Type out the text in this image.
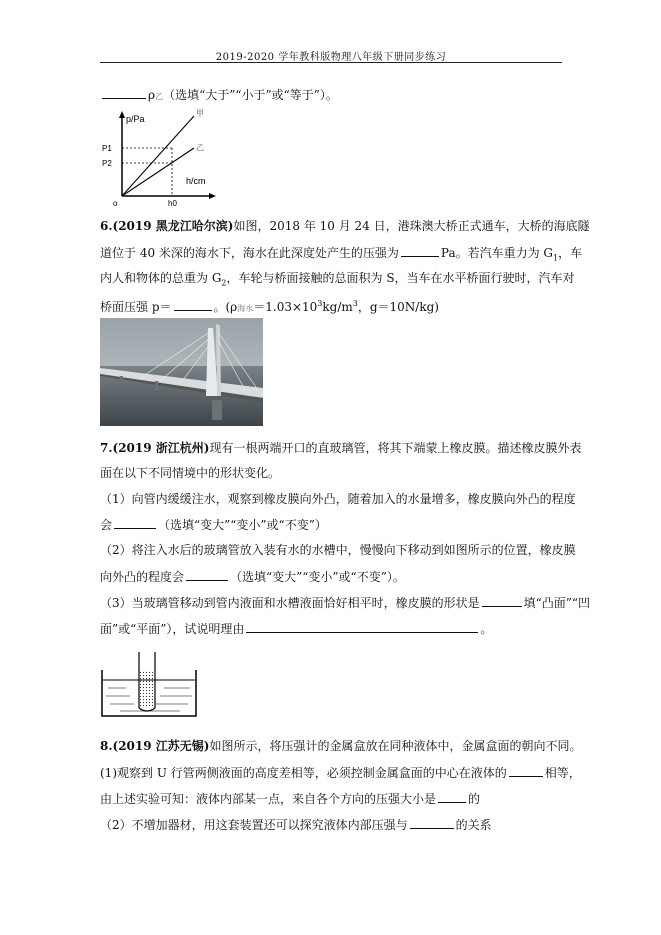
2019-2020 学年教科版物理八年级下册同步练习
ρ乙（选填“大于”“小于”或“等于”）。
p/Pa
h/cm
o
P1
P2
h0
甲
乙
6.(2019 黑龙江哈尔滨)如图，2018 年 10 月 24 日，港珠澳大桥正式通车，大桥的海底隧
道位于 40 米深的海水下，海水在此深度处产生的压强为	Pa。若汽车重力为 $G_1$，车
内人和物体的总重为 $G_2$，车轮与桥面接触的总面积为 S，当车在水平桥面行驶时，汽车对
桥面压强 p＝	。(ρ海水$=1.03\times 10^3kg/m^3$，g＝10N/kg)
7.(2019 浙江杭州)现有一根两端开口的直玻璃管，将其下端蒙上橡皮膜。描述橡皮膜外表
面在以下不同情境中的形状变化。
（1）向管内缓缓注水，观察到橡皮膜向外凸，随着加入的水量增多，橡皮膜向外凸的程度
会	（选填“变大”“变小”或“不变”）
（2）将注入水后的玻璃管放入装有水的水槽中，慢慢向下移动到如图所示的位置，橡皮膜
向外凸的程度会	（选填“变大”“变小”或“不变”）。
（3）当玻璃管移动到管内液面和水槽液面恰好相平时，橡皮膜的形状是	填“凸面”“凹
面”或“平面”），试说明理由	。
8.(2019 江苏无锡)如图所示，将压强计的金属盒放在同种液体中，金属盒面的朝向不同。
(1)观察到 U 行管两侧液面的高度差相等，必须控制金属盒面的中心在液体的	相等，
由上述实验可知：液体内部某一点，来自各个方向的压强大小是	的
（2）不增加器材，用这套装置还可以探究液体内部压强与	的关系
